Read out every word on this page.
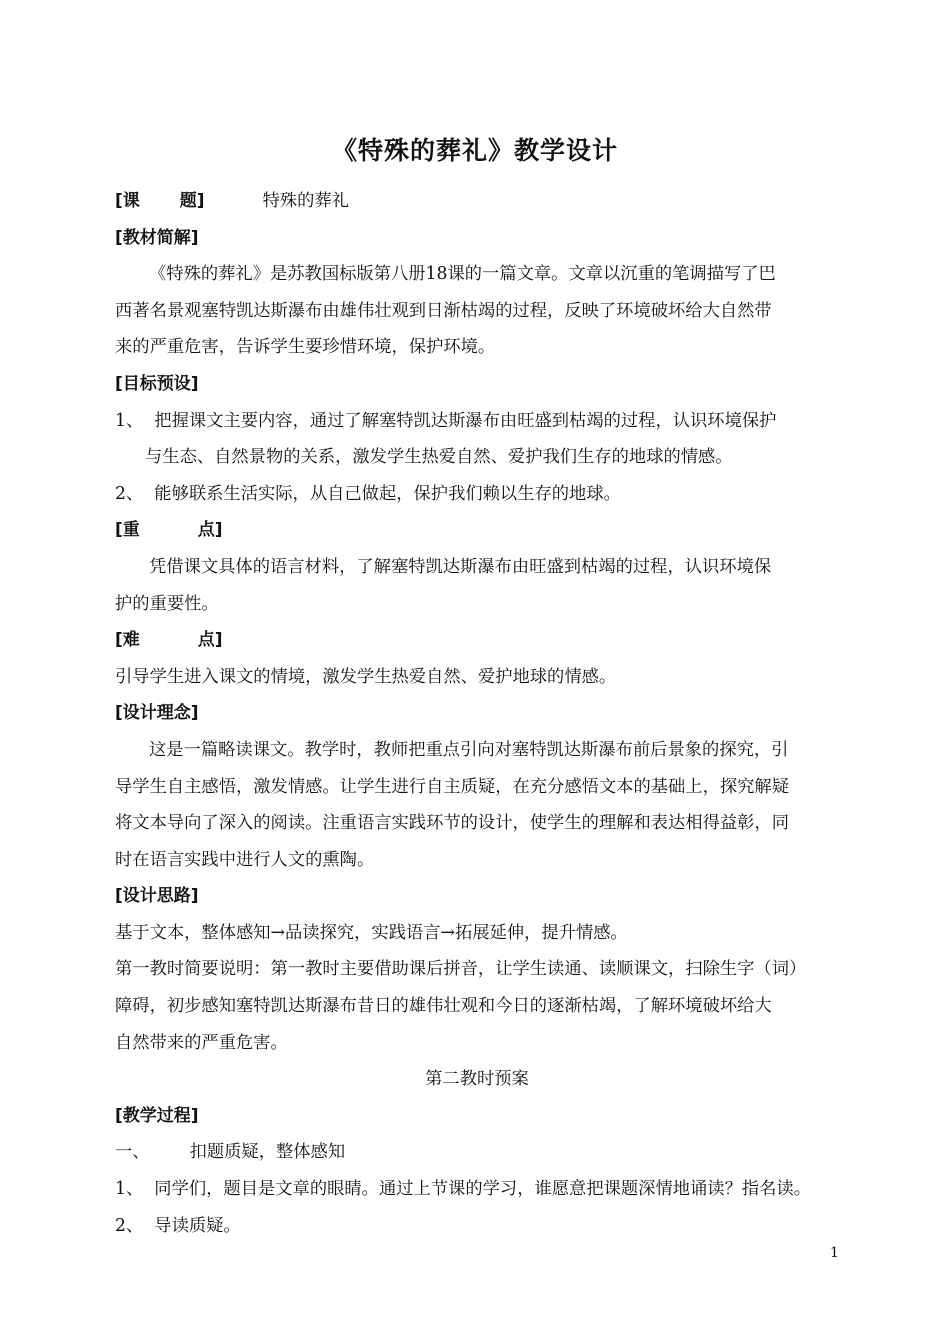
《特殊的葬礼》教学设计
[课 题]	特殊的葬礼
[教材简解]
《特殊的葬礼》是苏教国标版第八册18课的一篇文章。文章以沉重的笔调描写了巴
西著名景观塞特凯达斯瀑布由雄伟壮观到日渐枯竭的过程，反映了环境破坏给大自然带
来的严重危害，告诉学生要珍惜环境，保护环境。
[目标预设]
1、 把握课文主要内容，通过了解塞特凯达斯瀑布由旺盛到枯竭的过程，认识环境保护
与生态、自然景物的关系，激发学生热爱自然、爱护我们生存的地球的情感。
2、 能够联系生活实际，从自己做起，保护我们赖以生存的地球。
[重	点]
凭借课文具体的语言材料，了解塞特凯达斯瀑布由旺盛到枯竭的过程，认识环境保
护的重要性。
[难	点]
引导学生进入课文的情境，激发学生热爱自然、爱护地球的情感。
[设计理念]
这是一篇略读课文。教学时，教师把重点引向对塞特凯达斯瀑布前后景象的探究，引
导学生自主感悟，激发情感。让学生进行自主质疑，在充分感悟文本的基础上，探究解疑
将文本导向了深入的阅读。注重语言实践环节的设计，使学生的理解和表达相得益彰，同
时在语言实践中进行人文的熏陶。
[设计思路]
基于文本，整体感知→品读探究，实践语言→拓展延伸，提升情感。
第一教时简要说明：第一教时主要借助课后拼音，让学生读通、读顺课文，扫除生字（词）
障碍，初步感知塞特凯达斯瀑布昔日的雄伟壮观和今日的逐渐枯竭，了解环境破坏给大
自然带来的严重危害。
第二教时预案
[教学过程]
一、 扣题质疑，整体感知
1、 同学们，题目是文章的眼睛。通过上节课的学习，谁愿意把课题深情地诵读？指名读。
2、 导读质疑。
1
